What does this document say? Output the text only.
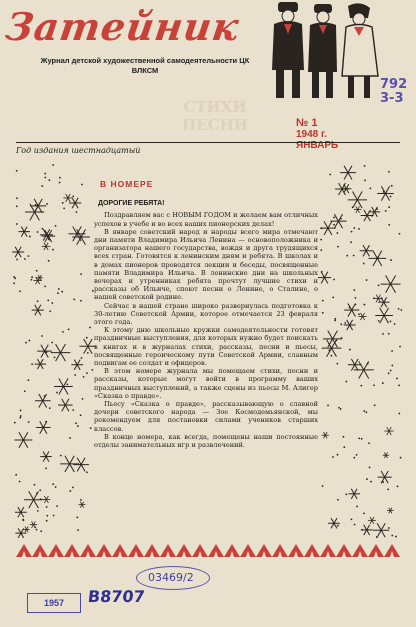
Затейник
Журнал детской художественной самодеятельности ЦК ВЛКСМ
СТИХИ
ПЕСНИ	№ 1
1948 г.
ЯНВАРЬ
792
3-3
Год издания шестнадцатый
В НОМЕРЕ
ДОРОГИЕ РЕБЯТА!

Поздравляем вас с НОВЫМ ГОДОМ и желаем вам отличных успехов в учебе и во всех ваших пионерских делах!

В январе советский народ и народы всего мира отмечают дни памяти Владимира Ильича Ленина — основоположника и организатора нашего государства, вождя и друга трудящихся всех стран. Готовятся к ленинским дням и ребята. В школах и в домах пионеров проводятся лекции и беседы, посвященные памяти Владимира Ильича. В ленинские дни на школьных вечерах и утренниках ребята прочтут лучшие стихи и рассказы об Ильиче, споют песни о Ленине, о Сталине, о нашей советской родине.

Сейчас в нашей стране широко развернулась подготовка к 30-летию Советской Армии, которое отмечается 23 февраля этого года.

К этому дню школьные кружки самодеятельности готовят праздничные выступления, для которых нужно будет поискать в книгах и в журналах стихи, рассказы, песни и пьесы, посвященные героическому пути Советской Армии, славным подвигам ее солдат и офицеров.

В этом номере журнала мы помещаем стихи, песни и рассказы, которые могут войти в программу ваших праздничных выступлений, а также сцены из пьесы М. Алигер «Сказка о правде».

Пьесу «Сказка о правде», рассказывающую о славной дочери советского народа — Зое Космодемьянской, мы рекомендуем для постановки силами учеников старших классов.

В конце номера, как всегда, помещены наши постоянные отделы занимательных игр и развлечений.

03469/2
1957	В8707
